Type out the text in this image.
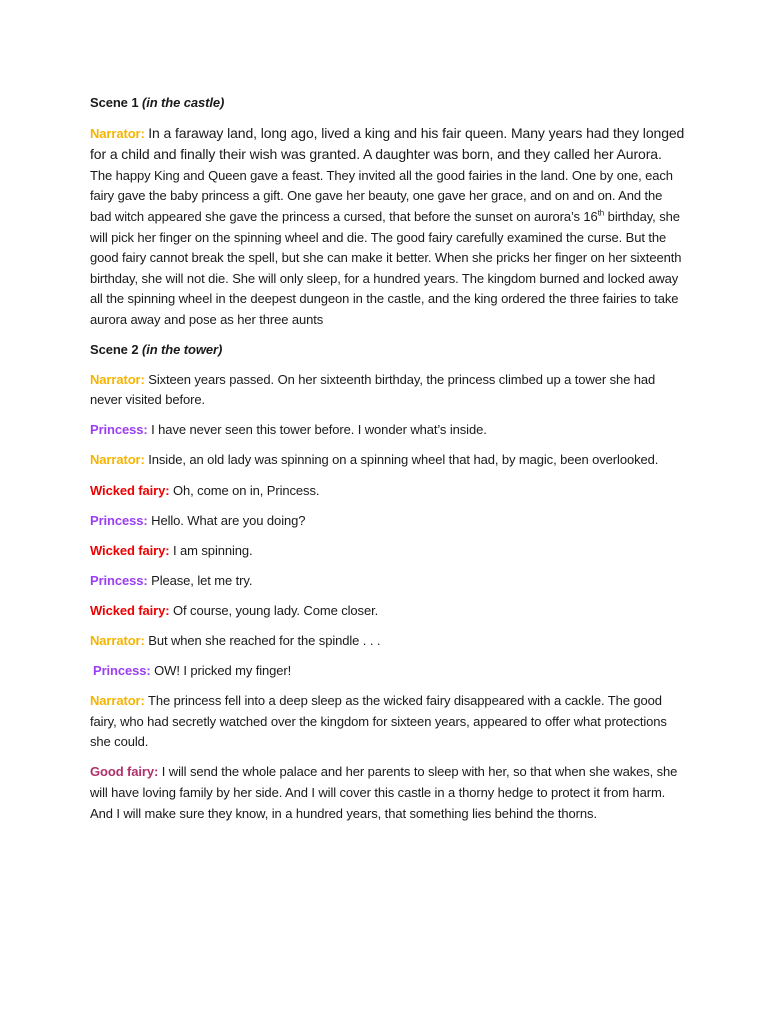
Scene 1 (in the castle)

Narrator: In a faraway land, long ago, lived a king and his fair queen. Many years had they longed for a child and finally their wish was granted. A daughter was born, and they called her Aurora. The happy King and Queen gave a feast. They invited all the good fairies in the land. One by one, each fairy gave the baby princess a gift. One gave her beauty, one gave her grace, and on and on. And the bad witch appeared she gave the princess a cursed, that before the sunset on aurora’s 16th birthday, she will pick her finger on the spinning wheel and die. The good fairy carefully examined the curse. But the good fairy cannot break the spell, but she can make it better. When she pricks her finger on her sixteenth birthday, she will not die. She will only sleep, for a hundred years. The kingdom burned and locked away all the spinning wheel in the deepest dungeon in the castle, and the king ordered the three fairies to take aurora away and pose as her three aunts

Scene 2 (in the tower)

Narrator: Sixteen years passed. On her sixteenth birthday, the princess climbed up a tower she had never visited before.

Princess: I have never seen this tower before. I wonder what’s inside.

Narrator: Inside, an old lady was spinning on a spinning wheel that had, by magic, been overlooked.

Wicked fairy: Oh, come on in, Princess.

Princess: Hello. What are you doing?

Wicked fairy: I am spinning.

Princess: Please, let me try.

Wicked fairy: Of course, young lady. Come closer.

Narrator: But when she reached for the spindle . . .

Princess: OW! I pricked my finger!

Narrator: The princess fell into a deep sleep as the wicked fairy disappeared with a cackle. The good fairy, who had secretly watched over the kingdom for sixteen years, appeared to offer what protections she could.

Good fairy: I will send the whole palace and her parents to sleep with her, so that when she wakes, she will have loving family by her side. And I will cover this castle in a thorny hedge to protect it from harm. And I will make sure they know, in a hundred years, that something lies behind the thorns.
